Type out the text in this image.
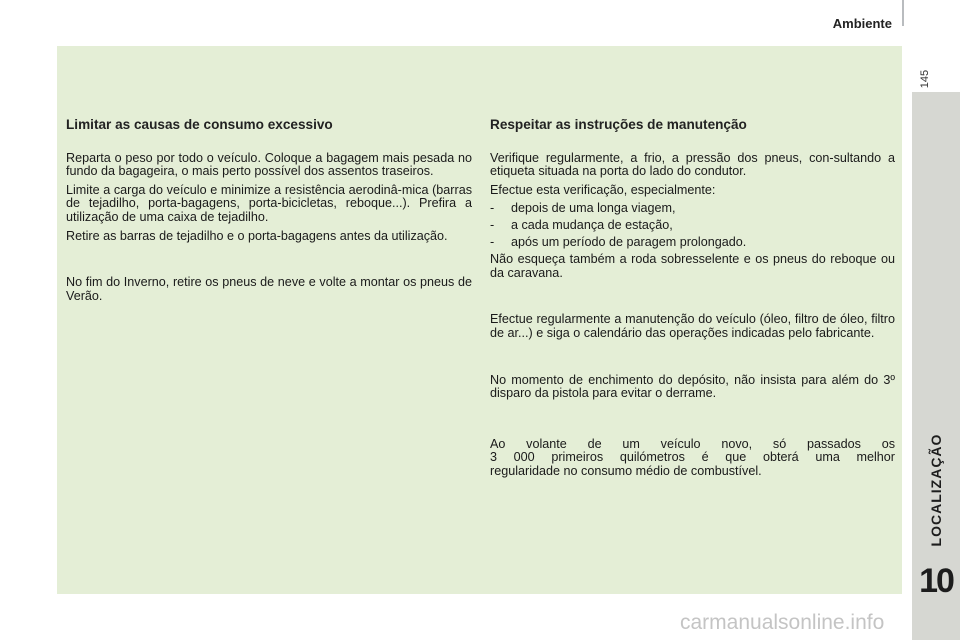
Ambiente
145
Limitar as causas de consumo excessivo

Reparta o peso por todo o veículo. Coloque a bagagem mais pesada no fundo da bagageira, o mais perto possível dos assentos traseiros.

Limite a carga do veículo e minimize a resistência aerodinâ-mica (barras de tejadilho, porta-bagagens, porta-bicicletas, reboque...). Prefira a utilização de uma caixa de tejadilho.

Retire as barras de tejadilho e o porta-bagagens antes da utilização.

No fim do Inverno, retire os pneus de neve e volte a montar os pneus de Verão.

Respeitar as instruções de manutenção

Verifique regularmente, a frio, a pressão dos pneus, con-sultando a etiqueta situada na porta do lado do condutor.

Efectue esta verificação, especialmente:

-	depois de uma longa viagem,
-	a cada mudança de estação,
-	após um período de paragem prolongado.

Não esqueça também a roda sobresselente e os pneus do reboque ou da caravana.

Efectue regularmente a manutenção do veículo (óleo, filtro de óleo, filtro de ar...) e siga o calendário das operações indicadas pelo fabricante.

No momento de enchimento do depósito, não insista para além do 3º disparo da pistola para evitar o derrame.

Ao volante de um veículo novo, só passados os

3 000 primeiros quilómetros é que obterá uma melhor

regularidade no consumo médio de combustível.	LOCALIZAÇÃO
10
carmanualsonline.info
